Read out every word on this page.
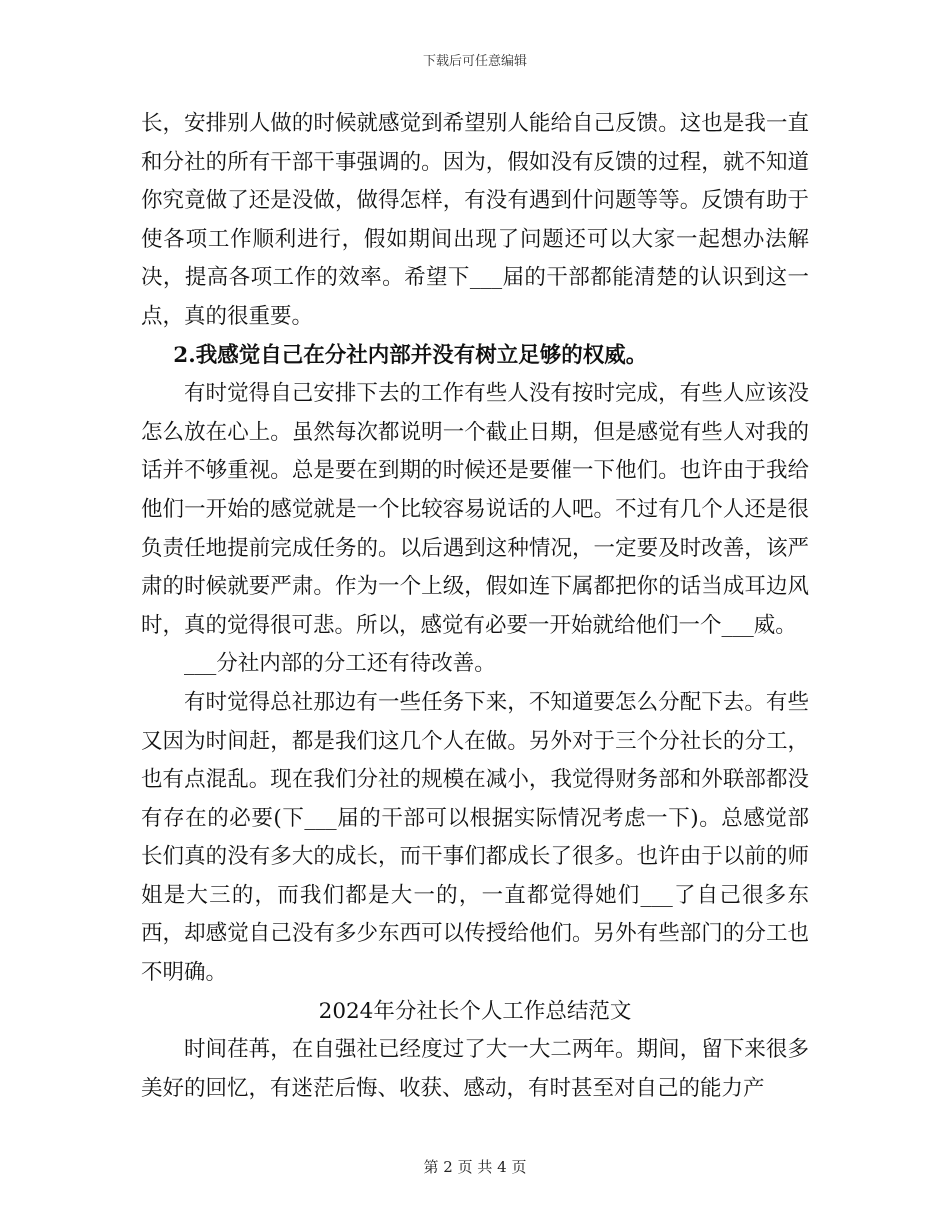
下载后可任意编辑

长，安排别人做的时候就感觉到希望别人能给自己反馈。这也是我一直和分社的所有干部干事强调的。因为，假如没有反馈的过程，就不知道你究竟做了还是没做，做得怎样，有没有遇到什问题等等。反馈有助于使各项工作顺利进行，假如期间出现了问题还可以大家一起想办法解决，提高各项工作的效率。希望下___届的干部都能清楚的认识到这一点，真的很重要。

2.我感觉自己在分社内部并没有树立足够的权威。

有时觉得自己安排下去的工作有些人没有按时完成，有些人应该没怎么放在心上。虽然每次都说明一个截止日期，但是感觉有些人对我的话并不够重视。总是要在到期的时候还是要催一下他们。也许由于我给他们一开始的感觉就是一个比较容易说话的人吧。不过有几个人还是很负责任地提前完成任务的。以后遇到这种情况，一定要及时改善，该严肃的时候就要严肃。作为一个上级，假如连下属都把你的话当成耳边风时，真的觉得很可悲。所以，感觉有必要一开始就给他们一个___威。

___分社内部的分工还有待改善。

有时觉得总社那边有一些任务下来，不知道要怎么分配下去。有些又因为时间赶，都是我们这几个人在做。另外对于三个分社长的分工，也有点混乱。现在我们分社的规模在减小，我觉得财务部和外联部都没有存在的必要(下___届的干部可以根据实际情况考虑一下)。总感觉部长们真的没有多大的成长，而干事们都成长了很多。也许由于以前的师姐是大三的，而我们都是大一的，一直都觉得她们___了自己很多东西，却感觉自己没有多少东西可以传授给他们。另外有些部门的分工也不明确。

2024年分社长个人工作总结范文

时间荏苒，在自强社已经度过了大一大二两年。期间，留下来很多美好的回忆，有迷茫后悔、收获、感动，有时甚至对自己的能力产

第 2 页 共 4 页
